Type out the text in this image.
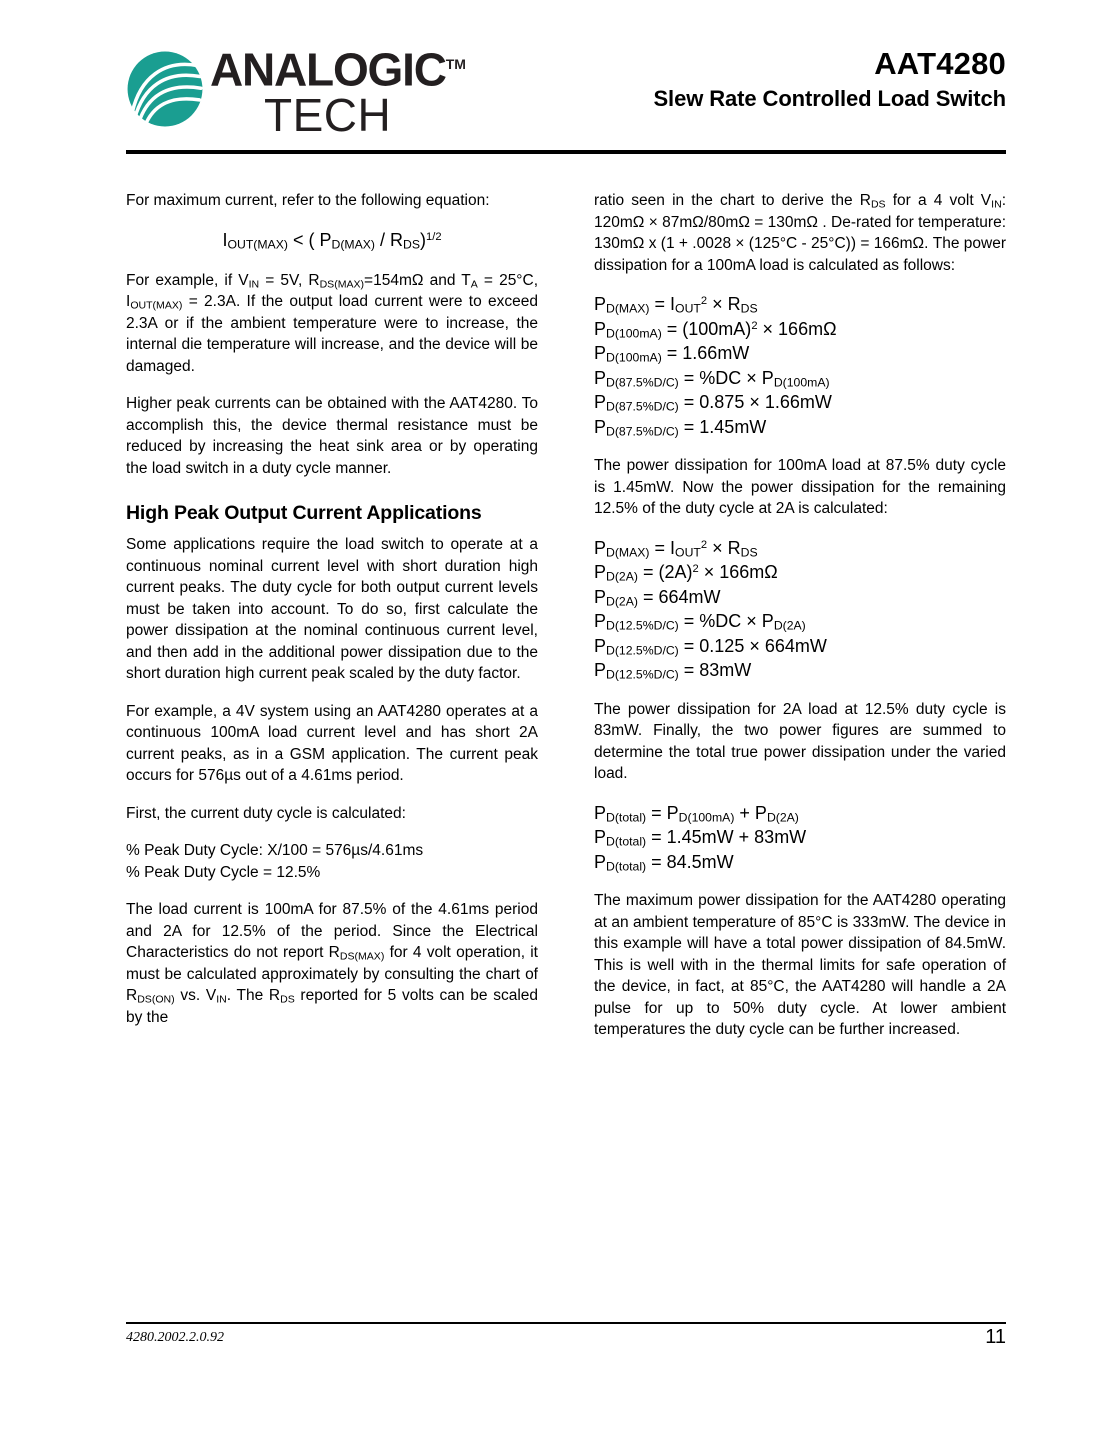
ANALOGIC™
TECH
AAT4280
Slew Rate Controlled Load Switch

For maximum current, refer to the following equation:

$I_{OUT(MAX)}$ < ( $P_{D(MAX)} / R_{DS})^{1/2}$

For example, if $V_{IN} = 5V$, $R_{DS(MAX)}=154m\Omega$ and $T_A = 25^\circ C$, $I_{OUT(MAX)} = 2.3A$. If the output load current were to exceed 2.3A or if the ambient temperature were to increase, the internal die temperature will increase, and the device will be damaged.

Higher peak currents can be obtained with the AAT4280. To accomplish this, the device thermal resistance must be reduced by increasing the heat sink area or by operating the load switch in a duty cycle manner.

High Peak Output Current Applications

Some applications require the load switch to operate at a continuous nominal current level with short duration high current peaks. The duty cycle for both output current levels must be taken into account. To do so, first calculate the power dissipation at the nominal continuous current level, and then add in the additional power dissipation due to the short duration high current peak scaled by the duty factor.

For example, a 4V system using an AAT4280 operates at a continuous 100mA load current level and has short 2A current peaks, as in a GSM application. The current peak occurs for 576µs out of a 4.61ms period.

First, the current duty cycle is calculated:

% Peak Duty Cycle: X/100 = 576µs/4.61ms
% Peak Duty Cycle = 12.5%

The load current is 100mA for 87.5% of the 4.61ms period and 2A for 12.5% of the period. Since the Electrical Characteristics do not report $R_{DS(MAX)}$ for 4 volt operation, it must be calculated approximately by consulting the chart of $R_{DS(ON)}$ vs. $V_{IN}$. The $R_{DS}$ reported for 5 volts can be scaled by the

ratio seen in the chart to derive the $R_{DS}$ for a 4 volt $V_{IN}$: 120mΩ × 87mΩ/80mΩ = 130mΩ . De-rated for temperature: 130mΩ x (1 + .0028 × (125°C - 25°C)) = 166mΩ. The power dissipation for a 100mA load is calculated as follows:

$P_{D(MAX)} = I_{OUT}^2 \times R_{DS}$
$P_{D(100mA)} = (100mA)^2 \times 166m\Omega$
$P_{D(100mA)} = 1.66mW$
$P_{D(87.5\%D/C)} = \%DC \times P_{D(100mA)}$
$P_{D(87.5\%D/C)} = 0.875 \times 1.66mW$
$P_{D(87.5\%D/C)} = 1.45mW$

The power dissipation for 100mA load at 87.5% duty cycle is 1.45mW. Now the power dissipation for the remaining 12.5% of the duty cycle at 2A is calculated:

$P_{D(MAX)} = I_{OUT}^2 \times R_{DS}$
$P_{D(2A)} = (2A)^2 \times 166m\Omega$
$P_{D(2A)} = 664mW$
$P_{D(12.5\%D/C)} = \%DC \times P_{D(2A)}$
$P_{D(12.5\%D/C)} = 0.125 \times 664mW$
$P_{D(12.5\%D/C)} = 83mW$

The power dissipation for 2A load at 12.5% duty cycle is 83mW. Finally, the two power figures are summed to determine the total true power dissipation under the varied load.

$P_{D(total)} = P_{D(100mA)} + P_{D(2A)}$
$P_{D(total)} = 1.45mW + 83mW$
$P_{D(total)} = 84.5mW$

The maximum power dissipation for the AAT4280 operating at an ambient temperature of 85°C is 333mW. The device in this example will have a total power dissipation of 84.5mW. This is well with in the thermal limits for safe operation of the device, in fact, at 85°C, the AAT4280 will handle a 2A pulse for up to 50% duty cycle. At lower ambient temperatures the duty cycle can be further increased.

4280.2002.2.0.92	11
